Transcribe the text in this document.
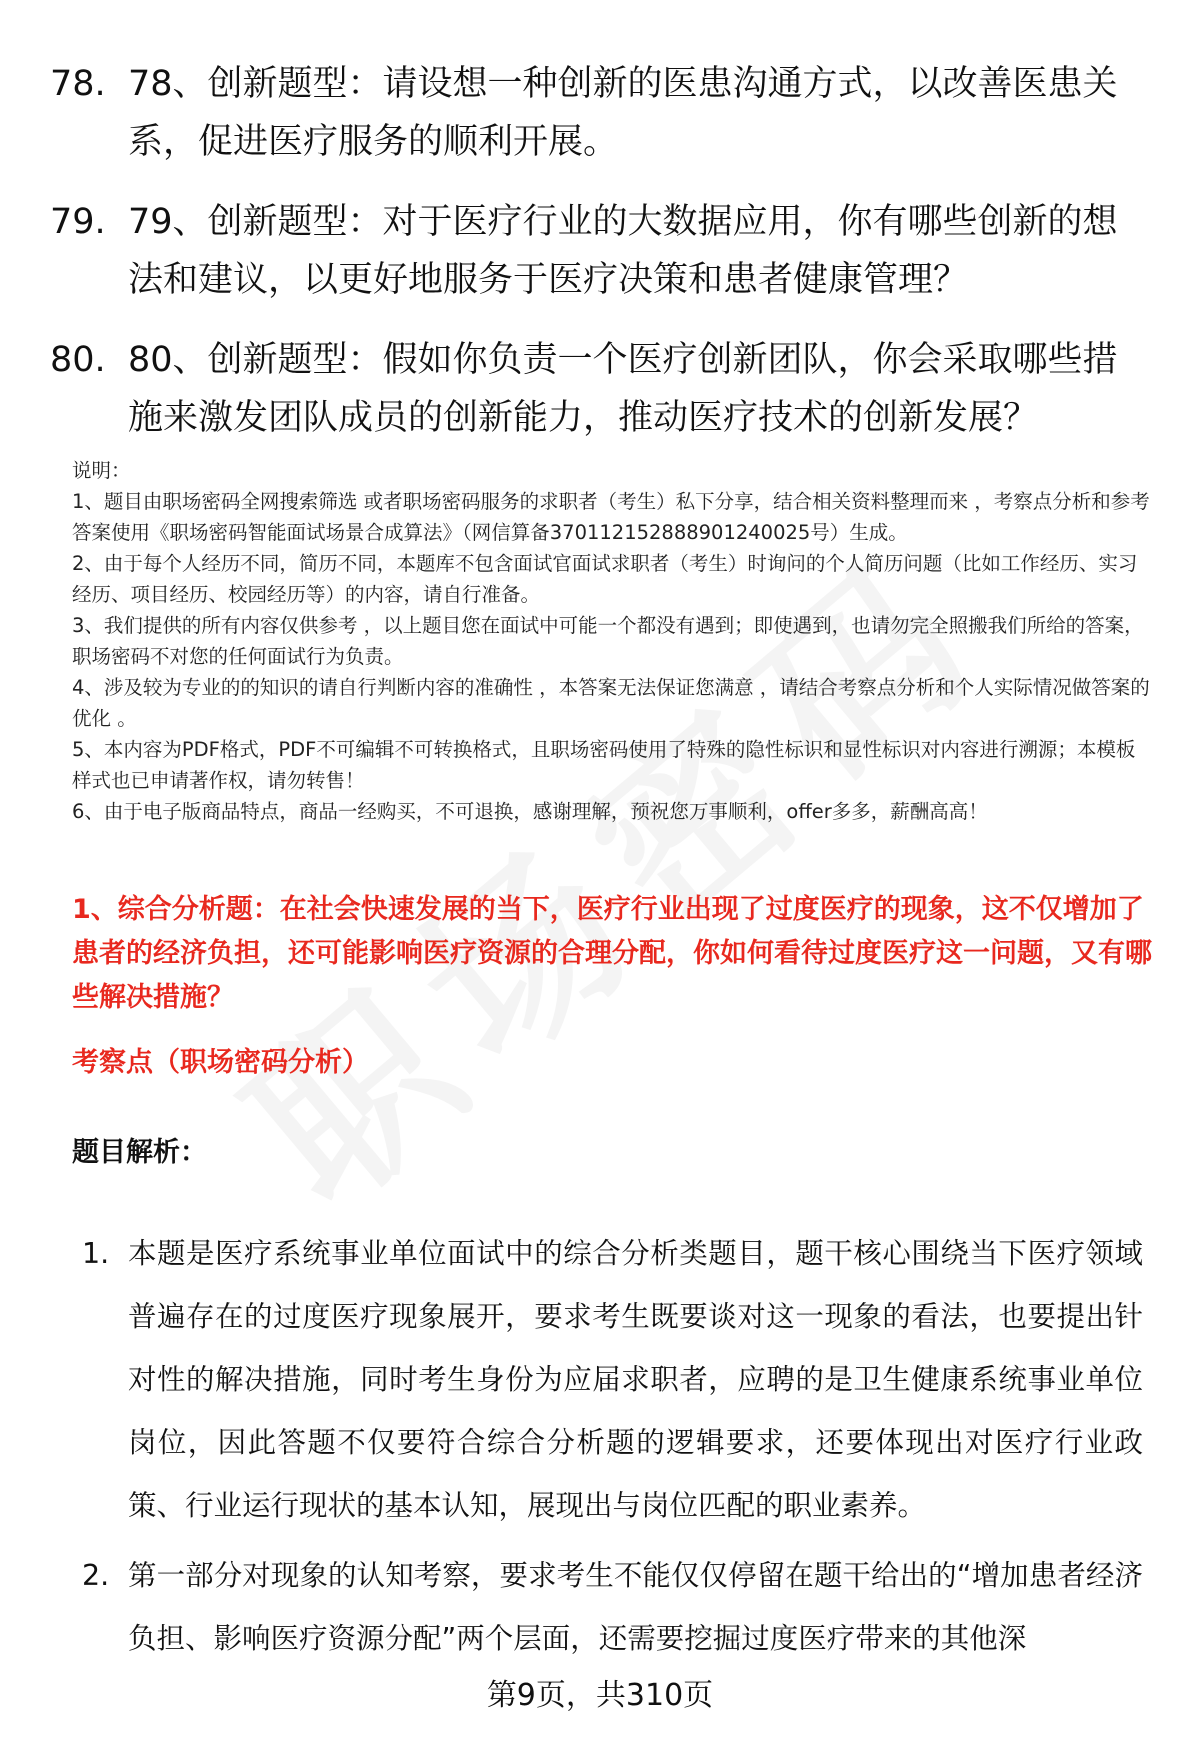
78. 78、创新题型：请设想一种创新的医患沟通方式，以改善医患关系，促进医疗服务的顺利开展。
79. 79、创新题型：对于医疗行业的大数据应用，你有哪些创新的想法和建议，以更好地服务于医疗决策和患者健康管理？
80. 80、创新题型：假如你负责一个医疗创新团队，你会采取哪些措施来激发团队成员的创新能力，推动医疗技术的创新发展？

说明：

1、题目由职场密码全网搜索筛选 或者职场密码服务的求职者（考生）私下分享，结合相关资料整理而来 ，考察点分析和参考答案使用《职场密码智能面试场景合成算法》（网信算备370112152888901240025号）生成。

2、由于每个人经历不同，简历不同，本题库不包含面试官面试求职者（考生）时询问的个人简历问题（比如工作经历、实习经历、项目经历、校园经历等）的内容，请自行准备。

3、我们提供的所有内容仅供参考 ，以上题目您在面试中可能一个都没有遇到；即使遇到，也请勿完全照搬我们所给的答案，职场密码不对您的任何面试行为负责。

4、涉及较为专业的的知识的请自行判断内容的准确性 ，本答案无法保证您满意 ，请结合考察点分析和个人实际情况做答案的优化 。

5、本内容为PDF格式，PDF不可编辑不可转换格式，且职场密码使用了特殊的隐性标识和显性标识对内容进行溯源；本模板样式也已申请著作权，请勿转售！

6、由于电子版商品特点，商品一经购买，不可退换，感谢理解，预祝您万事顺利，offer多多，薪酬高高！

1、综合分析题：在社会快速发展的当下，医疗行业出现了过度医疗的现象，这不仅增加了患者的经济负担，还可能影响医疗资源的合理分配，你如何看待过度医疗这一问题，又有哪些解决措施？
考察点（职场密码分析）
题目解析：
1. 本题是医疗系统事业单位面试中的综合分析类题目，题干核心围绕当下医疗领域普遍存在的过度医疗现象展开，要求考生既要谈对这一现象的看法，也要提出针对性的解决措施，同时考生身份为应届求职者，应聘的是卫生健康系统事业单位岗位，因此答题不仅要符合综合分析题的逻辑要求，还要体现出对医疗行业政策、行业运行现状的基本认知，展现出与岗位匹配的职业素养。
2. 第一部分对现象的认知考察，要求考生不能仅仅停留在题干给出的“增加患者经济负担、影响医疗资源分配”两个层面，还需要挖掘过度医疗带来的其他深
第9页，共310页
